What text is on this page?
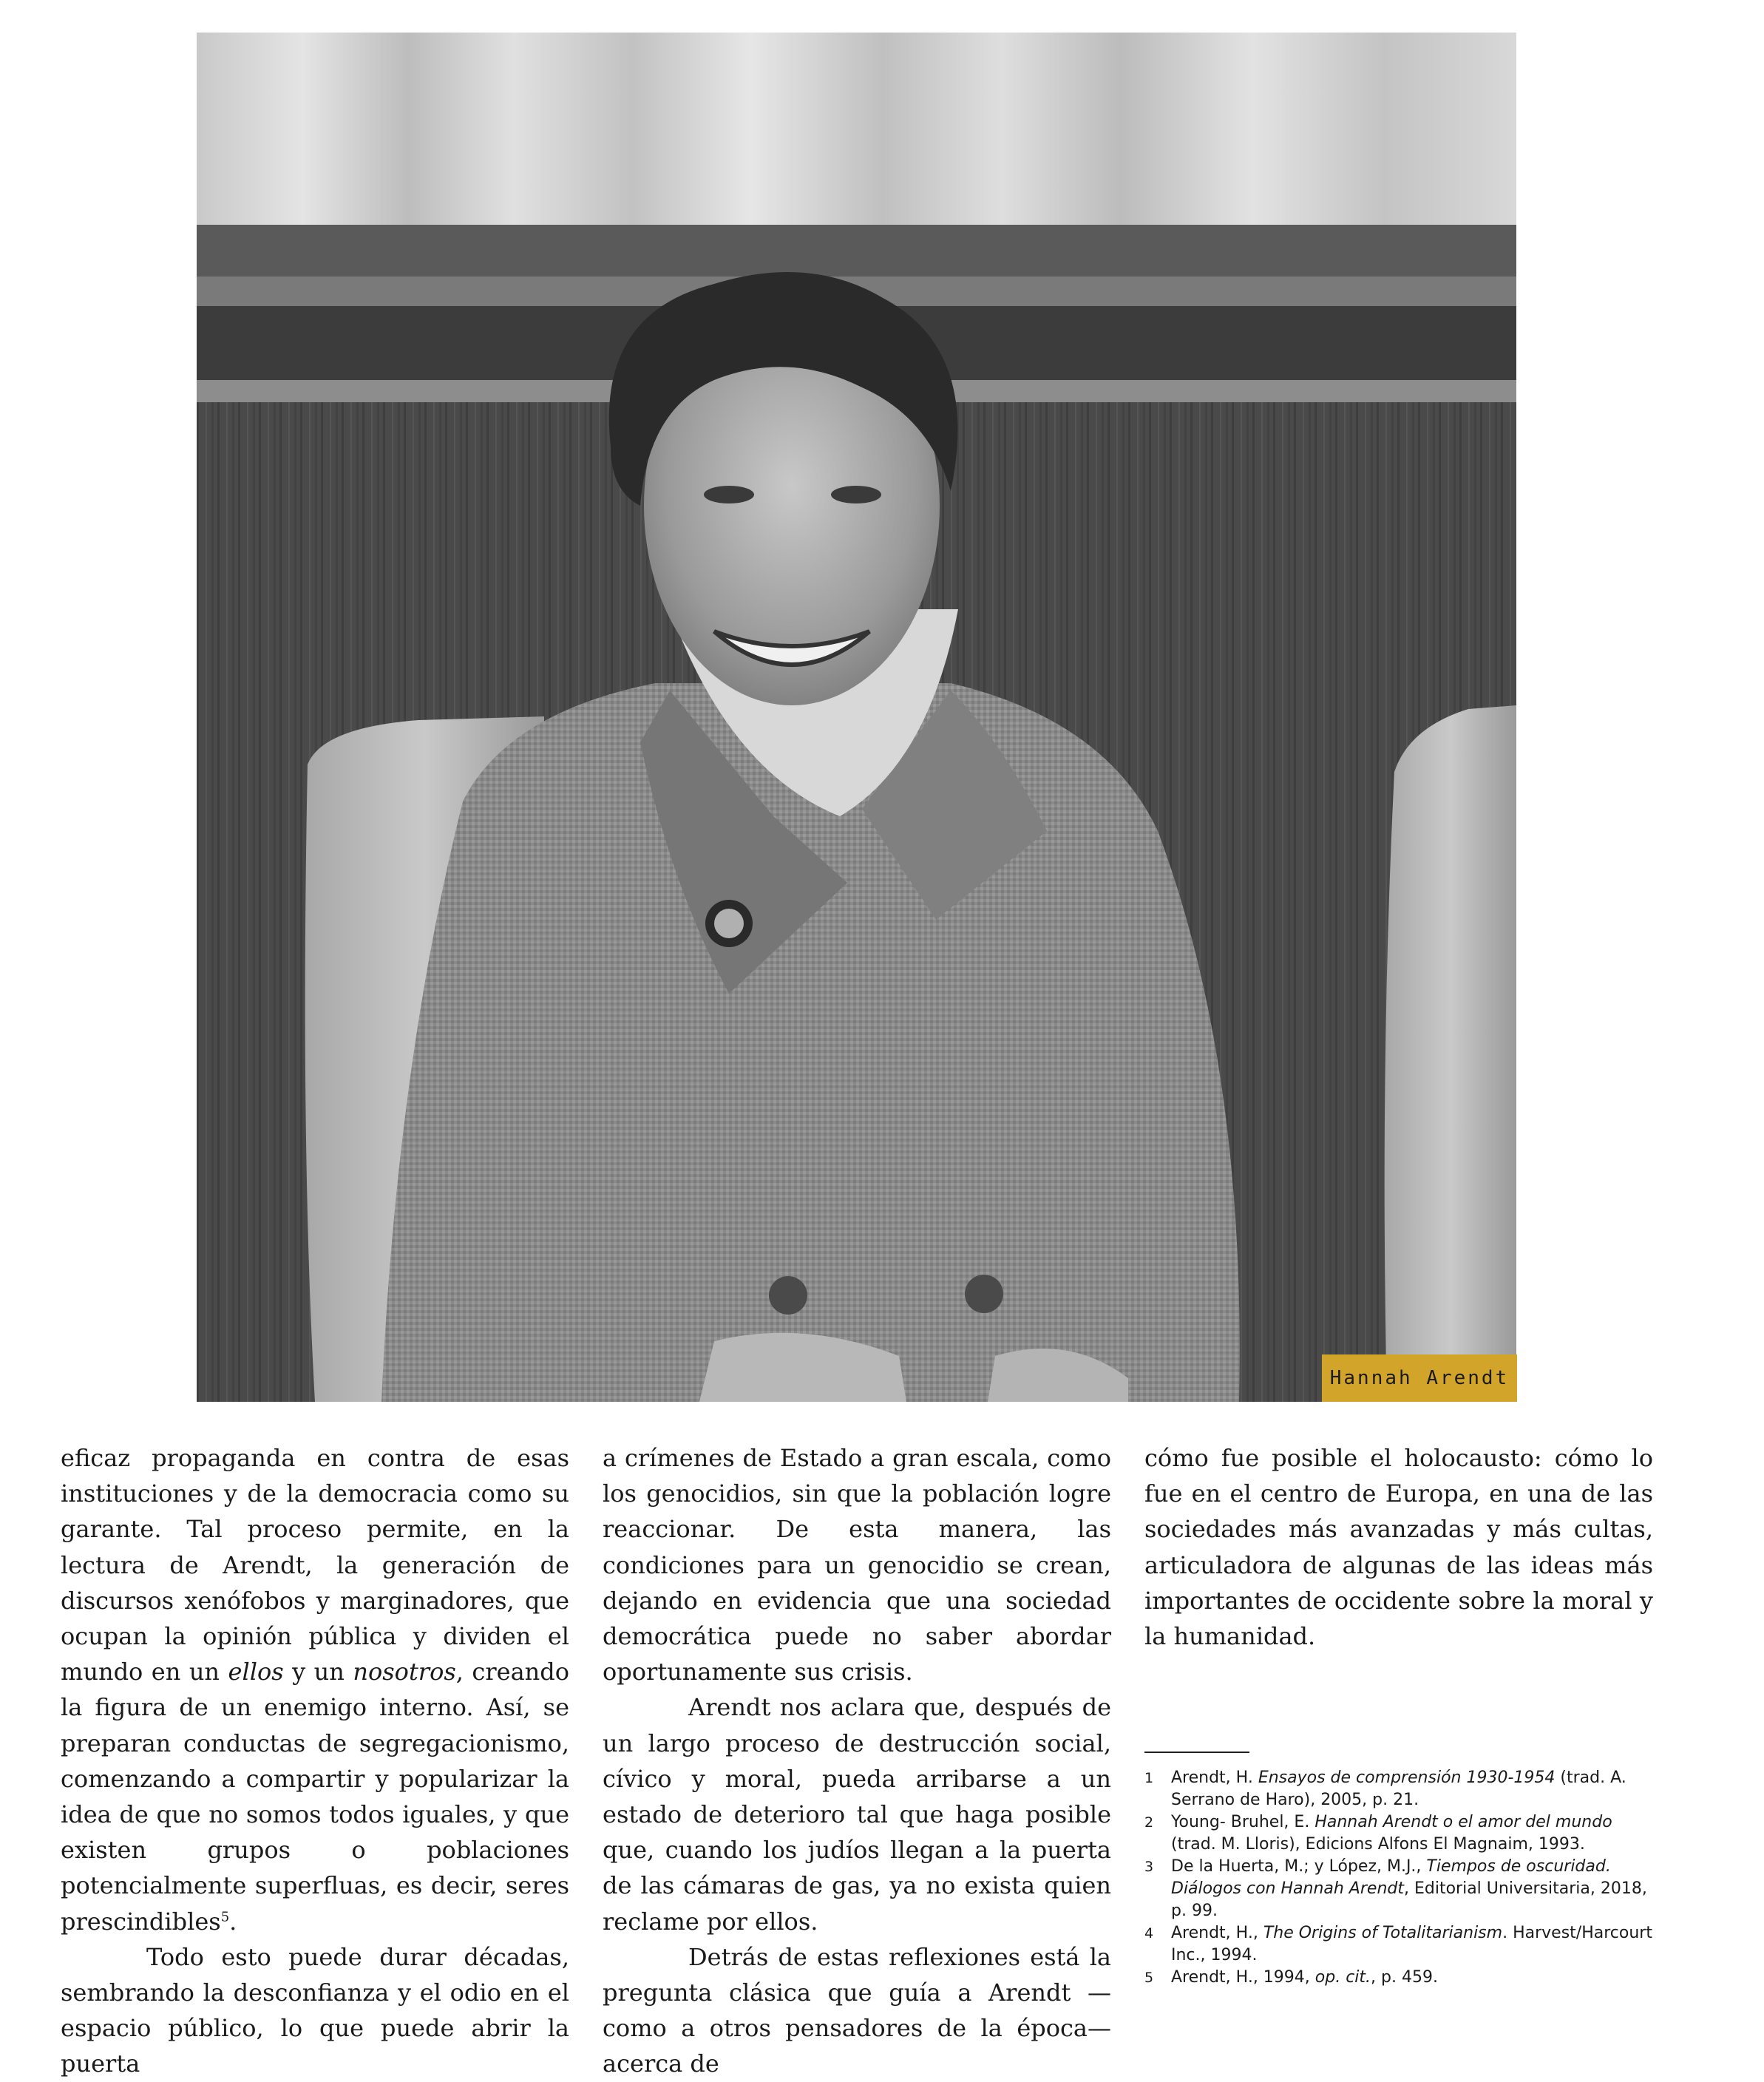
Hannah Arendt

eficaz propaganda en contra de esas instituciones y de la democracia como su garante. Tal proceso permite, en la lectura de Arendt, la generación de discursos xenófobos y marginadores, que ocupan la opinión pública y dividen el mundo en un ellos y un nosotros, creando la figura de un enemigo interno. Así, se preparan conductas de segregacionismo, comenzando a compartir y popularizar la idea de que no somos todos iguales, y que existen grupos o poblaciones potencialmente superfluas, es decir, seres prescindibles$^5$.

Todo esto puede durar décadas, sembrando la desconfianza y el odio en el espacio público, lo que puede abrir la puerta

a crímenes de Estado a gran escala, como los genocidios, sin que la población logre reaccionar. De esta manera, las condiciones para un genocidio se crean, dejando en evidencia que una sociedad democrática puede no saber abordar oportunamente sus crisis.

Arendt nos aclara que, después de un largo proceso de destrucción social, cívico y moral, pueda arribarse a un estado de deterioro tal que haga posible que, cuando los judíos llegan a la puerta de las cámaras de gas, ya no exista quien reclame por ellos.

Detrás de estas reflexiones está la pregunta clásica que guía a Arendt —como a otros pensadores de la época— acerca de

cómo fue posible el holocausto: cómo lo fue en el centro de Europa, en una de las sociedades más avanzadas y más cultas, articuladora de algunas de las ideas más importantes de occidente sobre la moral y la humanidad.

1	Arendt, H. Ensayos de comprensión 1930-1954 (trad. A. Serrano de Haro), 2005, p. 21.
2	Young- Bruhel, E. Hannah Arendt o el amor del mundo (trad. M. Lloris), Edicions Alfons El Magnaim, 1993.
3	De la Huerta, M.; y López, M.J., Tiempos de oscuridad. Diálogos con Hannah Arendt, Editorial Universitaria, 2018, p. 99.
4	Arendt, H., The Origins of Totalitarianism. Harvest/Harcourt Inc., 1994.
5	Arendt, H., 1994, op. cit., p. 459.
